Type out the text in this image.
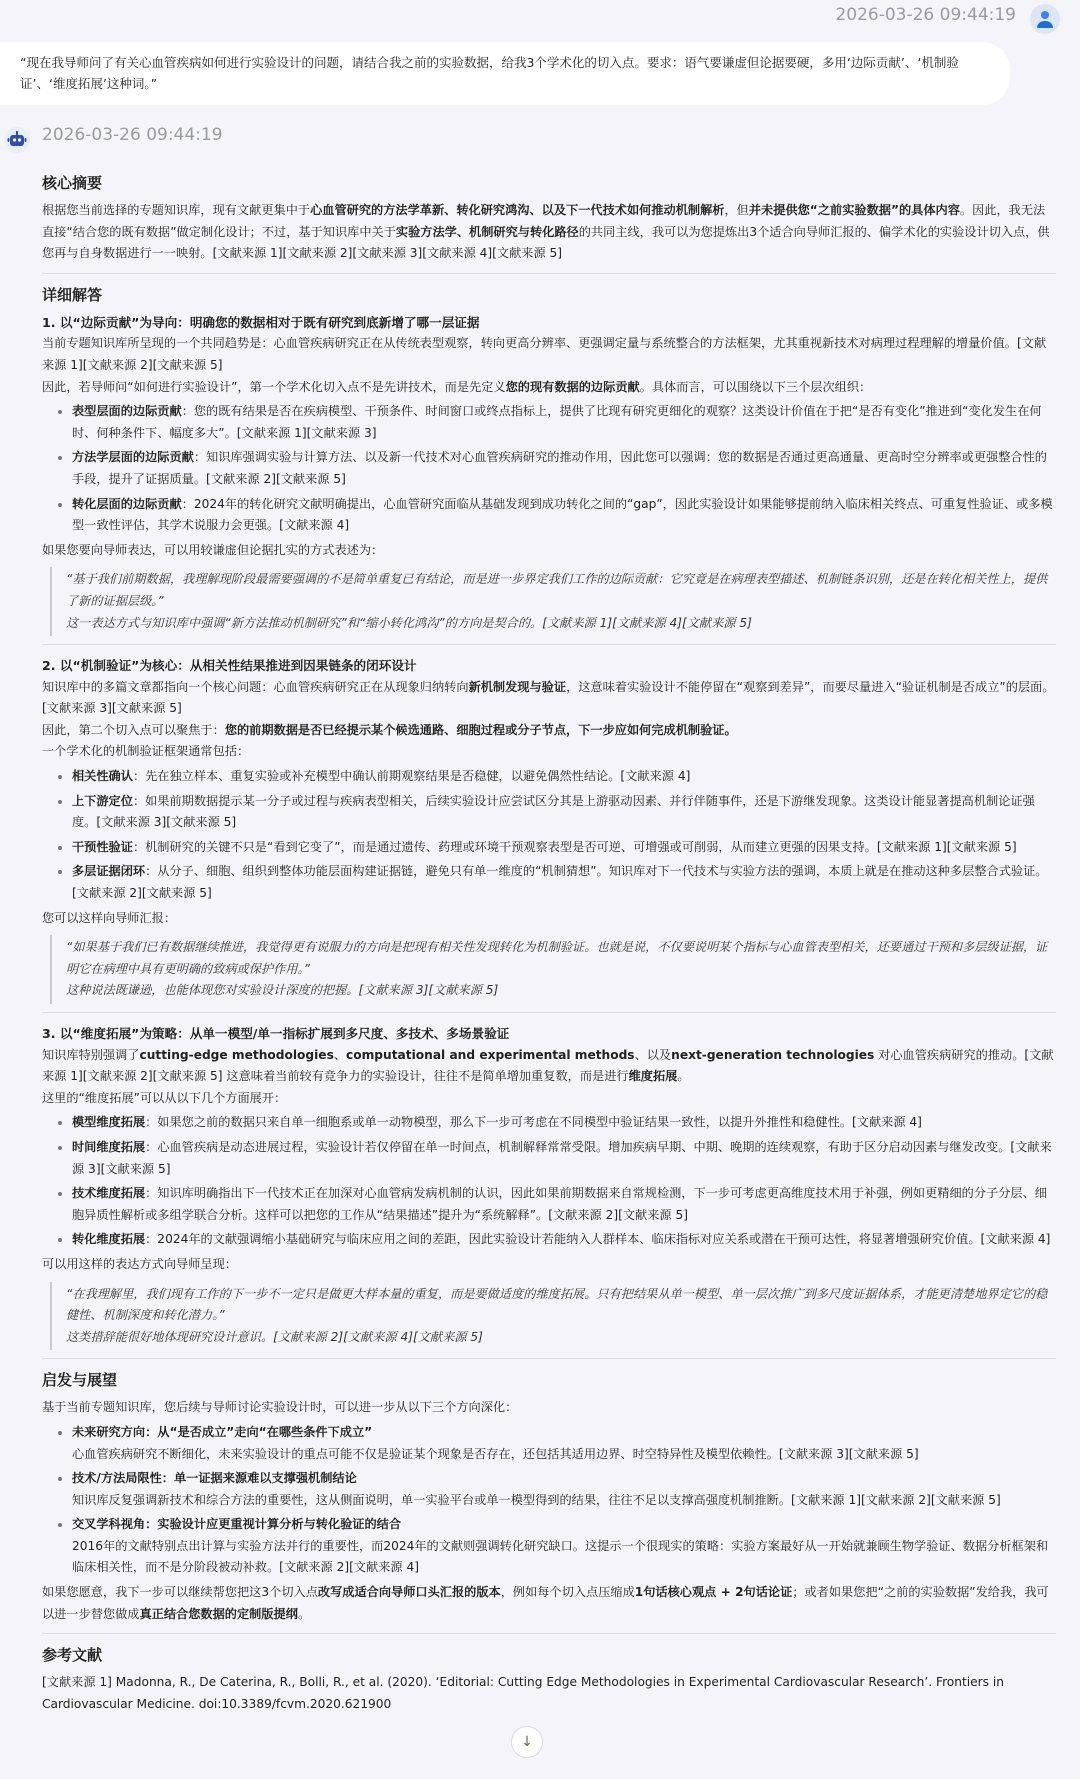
2026-03-26 09:44:19
“现在我导师问了有关心血管疾病如何进行实验设计的问题，请结合我之前的实验数据，给我3个学术化的切入点。要求：语气要谦虚但论据要硬，多用‘边际贡献’、‘机制验证’、‘维度拓展’这种词。”
2026-03-26 09:44:19
核心摘要

根据您当前选择的专题知识库，现有文献更集中于心血管研究的方法学革新、转化研究鸿沟、以及下一代技术如何推动机制解析，但并未提供您“之前实验数据”的具体内容。因此，我无法直接“结合您的既有数据”做定制化设计；不过，基于知识库中关于实验方法学、机制研究与转化路径的共同主线，我可以为您提炼出3个适合向导师汇报的、偏学术化的实验设计切入点，供您再与自身数据进行一一映射。[文献来源 1][文献来源 2][文献来源 3][文献来源 4][文献来源 5]

详细解答
1. 以“边际贡献”为导向：明确您的数据相对于既有研究到底新增了哪一层证据

当前专题知识库所呈现的一个共同趋势是：心血管疾病研究正在从传统表型观察，转向更高分辨率、更强调定量与系统整合的方法框架，尤其重视新技术对病理过程理解的增量价值。[文献来源 1][文献来源 2][文献来源 5]

因此，若导师问“如何进行实验设计”，第一个学术化切入点不是先讲技术，而是先定义您的现有数据的边际贡献。具体而言，可以围绕以下三个层次组织：

• 表型层面的边际贡献：您的既有结果是否在疾病模型、干预条件、时间窗口或终点指标上，提供了比现有研究更细化的观察？这类设计价值在于把“是否有变化”推进到“变化发生在何时、何种条件下、幅度多大”。[文献来源 1][文献来源 3]
• 方法学层面的边际贡献：知识库强调实验与计算方法、以及新一代技术对心血管疾病研究的推动作用，因此您可以强调：您的数据是否通过更高通量、更高时空分辨率或更强整合性的手段，提升了证据质量。[文献来源 2][文献来源 5]
• 转化层面的边际贡献：2024年的转化研究文献明确提出，心血管研究面临从基础发现到成功转化之间的“gap”，因此实验设计如果能够提前纳入临床相关终点、可重复性验证、或多模型一致性评估，其学术说服力会更强。[文献来源 4]

如果您要向导师表达，可以用较谦虚但论据扎实的方式表述为：

“基于我们前期数据，我理解现阶段最需要强调的不是简单重复已有结论，而是进一步界定我们工作的边际贡献：它究竟是在病理表型描述、机制链条识别，还是在转化相关性上，提供了新的证据层级。”

这一表达方式与知识库中强调“新方法推动机制研究”和“缩小转化鸿沟”的方向是契合的。[文献来源 1][文献来源 4][文献来源 5]

2. 以“机制验证”为核心：从相关性结果推进到因果链条的闭环设计

知识库中的多篇文章都指向一个核心问题：心血管疾病研究正在从现象归纳转向新机制发现与验证，这意味着实验设计不能停留在“观察到差异”，而要尽量进入“验证机制是否成立”的层面。[文献来源 3][文献来源 5]

因此，第二个切入点可以聚焦于：您的前期数据是否已经提示某个候选通路、细胞过程或分子节点，下一步应如何完成机制验证。

一个学术化的机制验证框架通常包括：

• 相关性确认：先在独立样本、重复实验或补充模型中确认前期观察结果是否稳健，以避免偶然性结论。[文献来源 4]
• 上下游定位：如果前期数据提示某一分子或过程与疾病表型相关，后续实验设计应尝试区分其是上游驱动因素、并行伴随事件，还是下游继发现象。这类设计能显著提高机制论证强度。[文献来源 3][文献来源 5]
• 干预性验证：机制研究的关键不只是“看到它变了”，而是通过遗传、药理或环境干预观察表型是否可逆、可增强或可削弱，从而建立更强的因果支持。[文献来源 1][文献来源 5]
• 多层证据闭环：从分子、细胞、组织到整体功能层面构建证据链，避免只有单一维度的“机制猜想”。知识库对下一代技术与实验方法的强调，本质上就是在推动这种多层整合式验证。[文献来源 2][文献来源 5]

您可以这样向导师汇报：

“如果基于我们已有数据继续推进，我觉得更有说服力的方向是把现有相关性发现转化为机制验证。也就是说，不仅要说明某个指标与心血管表型相关，还要通过干预和多层级证据，证明它在病理中具有更明确的致病或保护作用。”

这种说法既谦逊，也能体现您对实验设计深度的把握。[文献来源 3][文献来源 5]

3. 以“维度拓展”为策略：从单一模型/单一指标扩展到多尺度、多技术、多场景验证

知识库特别强调了cutting-edge methodologies、computational and experimental methods、以及next-generation technologies 对心血管疾病研究的推动。[文献来源 1][文献来源 2][文献来源 5] 这意味着当前较有竞争力的实验设计，往往不是简单增加重复数，而是进行维度拓展。

这里的“维度拓展”可以从以下几个方面展开：

• 模型维度拓展：如果您之前的数据只来自单一细胞系或单一动物模型，那么下一步可考虑在不同模型中验证结果一致性，以提升外推性和稳健性。[文献来源 4]
• 时间维度拓展：心血管疾病是动态进展过程，实验设计若仅停留在单一时间点，机制解释常常受限。增加疾病早期、中期、晚期的连续观察，有助于区分启动因素与继发改变。[文献来源 3][文献来源 5]
• 技术维度拓展：知识库明确指出下一代技术正在加深对心血管病发病机制的认识，因此如果前期数据来自常规检测，下一步可考虑更高维度技术用于补强，例如更精细的分子分层、细胞异质性解析或多组学联合分析。这样可以把您的工作从“结果描述”提升为“系统解释”。[文献来源 2][文献来源 5]
• 转化维度拓展：2024年的文献强调缩小基础研究与临床应用之间的差距，因此实验设计若能纳入人群样本、临床指标对应关系或潜在干预可达性，将显著增强研究价值。[文献来源 4]

可以用这样的表达方式向导师呈现：

“在我理解里，我们现有工作的下一步不一定只是做更大样本量的重复，而是要做适度的维度拓展。只有把结果从单一模型、单一层次推广到多尺度证据体系，才能更清楚地界定它的稳健性、机制深度和转化潜力。”

这类措辞能很好地体现研究设计意识。[文献来源 2][文献来源 4][文献来源 5]

启发与展望

基于当前专题知识库，您后续与导师讨论实验设计时，可以进一步从以下三个方向深化：

• 未来研究方向：从“是否成立”走向“在哪些条件下成立”
心血管疾病研究不断细化，未来实验设计的重点可能不仅是验证某个现象是否存在，还包括其适用边界、时空特异性及模型依赖性。[文献来源 3][文献来源 5]
• 技术/方法局限性：单一证据来源难以支撑强机制结论
知识库反复强调新技术和综合方法的重要性，这从侧面说明，单一实验平台或单一模型得到的结果，往往不足以支撑高强度机制推断。[文献来源 1][文献来源 2][文献来源 5]
• 交叉学科视角：实验设计应更重视计算分析与转化验证的结合
2016年的文献特别点出计算与实验方法并行的重要性，而2024年的文献则强调转化研究缺口。这提示一个很现实的策略：实验方案最好从一开始就兼顾生物学验证、数据分析框架和临床相关性，而不是分阶段被动补救。[文献来源 2][文献来源 4]

如果您愿意，我下一步可以继续帮您把这3个切入点改写成适合向导师口头汇报的版本，例如每个切入点压缩成1句话核心观点 + 2句话论证；或者如果您把“之前的实验数据”发给我，我可以进一步替您做成真正结合您数据的定制版提纲。

参考文献

[文献来源 1] Madonna, R., De Caterina, R., Bolli, R., et al. (2020). ‘Editorial: Cutting Edge Methodologies in Experimental Cardiovascular Research’. Frontiers in Cardiovascular Medicine. doi:10.3389/fcvm.2020.621900

↓
